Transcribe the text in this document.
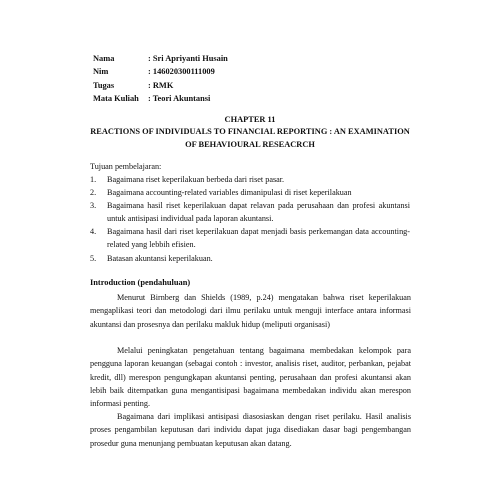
Nama	: Sri Apriyanti Husain
Nim	: 146020300111009
Tugas	: RMK
Mata Kuliah	: Teori Akuntansi
CHAPTER 11
REACTIONS OF INDIVIDUALS TO FINANCIAL REPORTING : AN EXAMINATION OF BEHAVIOURAL RESEACRCH
Tujuan pembelajaran:
1. Bagaimana riset keperilakuan berbeda dari riset pasar.
2. Bagaimana accounting-related variables dimanipulasi di riset keperilakuan
3. Bagaimana hasil riset keperilakuan dapat relavan pada perusahaan dan profesi akuntansi untuk antisipasi individual pada laporan akuntansi.
4. Bagaimana hasil dari riset keperilakuan dapat menjadi basis perkemangan data accounting-related yang lebbih efisien.
5. Batasan akuntansi keperilakuan.
Introduction (pendahuluan)

Menurut Birnberg dan Shields (1989, p.24) mengatakan bahwa riset keperilakuan mengaplikasi teori dan metodologi dari ilmu perilaku untuk menguji interface antara informasi akuntansi dan prosesnya dan perilaku makluk hidup (meliputi organisasi)

Melalui peningkatan pengetahuan tentang bagaimana membedakan kelompok para pengguna laporan keuangan (sebagai contoh : investor, analisis riset, auditor, perbankan, pejabat kredit, dll) merespon pengungkapan akuntansi penting, perusahaan dan profesi akuntansi akan lebih baik ditempatkan guna mengantisipasi bagaimana membedakan individu akan merespon informasi penting.

Bagaimana dari implikasi antisipasi diasosiaskan dengan riset perilaku. Hasil analisis proses pengambilan keputusan dari individu dapat juga disediakan dasar bagi pengembangan prosedur guna menunjang pembuatan keputusan akan datang.
